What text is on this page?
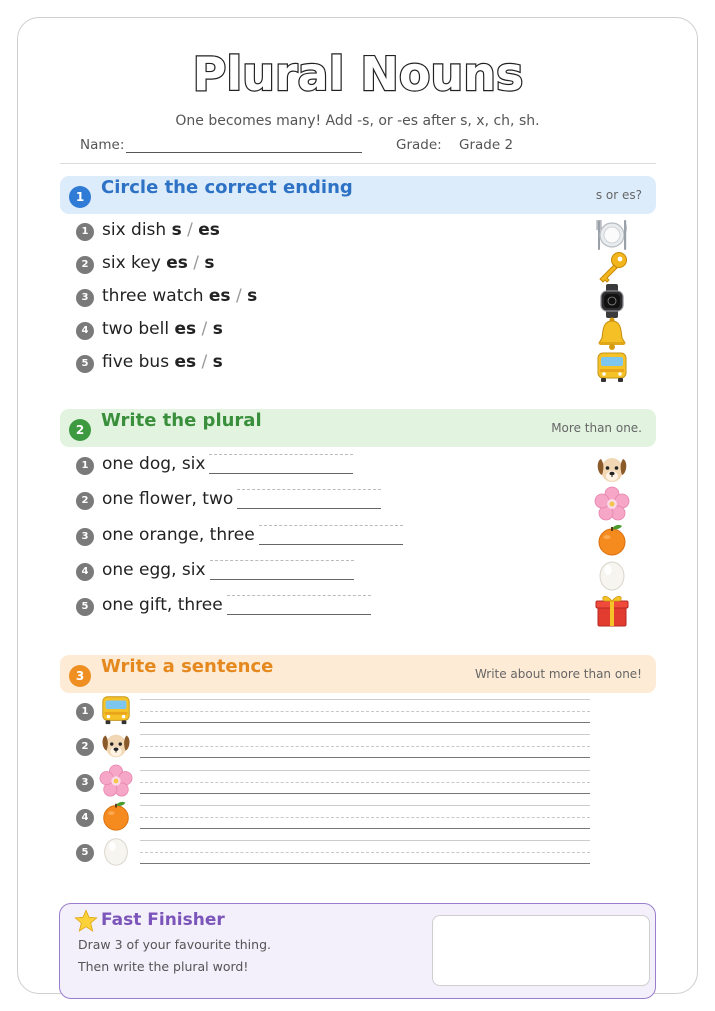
Plural Nouns
One becomes many! Add -s, or -es after s, x, ch, sh.
Name:	Grade: Grade 2
1 Circle the correct ending	s or es?
1 six dish s / es
2 six key es / s
3 three watch es / s
4 two bell es / s
5 five bus es / s
2 Write the plural	More than one.
1 one dog, six
2 one flower, two
3 one orange, three
4 one egg, six
5 one gift, three
3 Write a sentence	Write about more than one!
1
2
3
4
5
Fast Finisher
Draw 3 of your favourite thing.
Then write the plural word!
